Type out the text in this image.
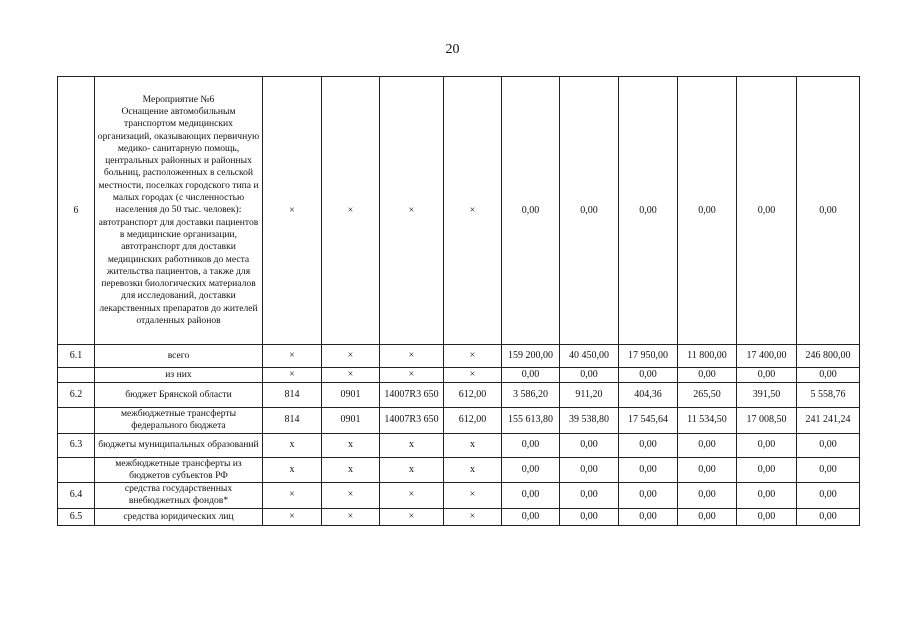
20
6	Мероприятие №6
Оснащение автомобильным транспортом медицинских организаций, оказывающих первичную медико- санитарную помощь, центральных районных и районных больниц, расположенных в сельской местности, поселках городского типа и малых городах (с численностью населения до 50 тыс. человек): автотранспорт для доставки пациентов в медицинские организации, автотранспорт для доставки медицинских работников до места жительства пациентов, а также для перевозки биологических материалов для исследований, доставки лекарственных препаратов до жителей отдаленных районов	×	×	×	×	0,00	0,00	0,00	0,00	0,00	0,00
6.1	всего	×	×	×	×	159 200,00	40 450,00	17 950,00	11 800,00	17 400,00	246 800,00
	из них	×	×	×	×	0,00	0,00	0,00	0,00	0,00	0,00
6.2	бюджет Брянской области	814	0901	14007R3 650	612,00	3 586,20	911,20	404,36	265,50	391,50	5 558,76
	межбюджетные трансферты федерального бюджета	814	0901	14007R3 650	612,00	155 613,80	39 538,80	17 545,64	11 534,50	17 008,50	241 241,24
6.3	бюджеты муниципальных образований	х	х	х	х	0,00	0,00	0,00	0,00	0,00	0,00
	межбюджетные трансферты из бюджетов субъектов РФ	х	х	х	х	0,00	0,00	0,00	0,00	0,00	0,00
6.4	средства государственных внебюджетных фондов*	×	×	×	×	0,00	0,00	0,00	0,00	0,00	0,00
6.5	средства юридических лиц	×	×	×	×	0,00	0,00	0,00	0,00	0,00	0,00
